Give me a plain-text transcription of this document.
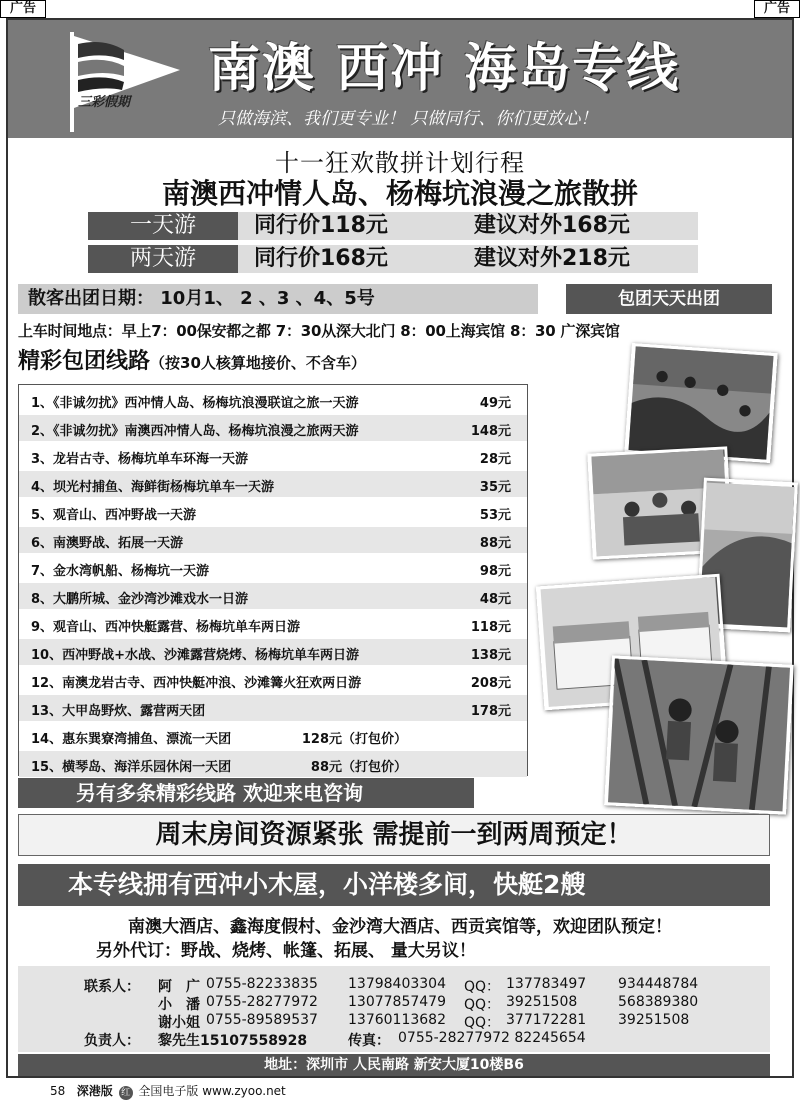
广告	广告
三彩假期
南澳 西冲 海岛专线
只做海滨、我们更专业！ 只做同行、你们更放心！
十一狂欢散拼计划行程
南澳西冲情人岛、杨梅坑浪漫之旅散拼
一天游	同行价118元	建议对外168元
两天游	同行价168元	建议对外218元
散客出团日期： 10月1、 2 、3 、4、5号	包团天天出团
上车时间地点：早上7：00保安都之都 7：30从深大北门 8：00上海宾馆 8：30 广深宾馆
精彩包团线路（按30人核算地接价、不含车）
1、《非诚勿扰》西冲情人岛、杨梅坑浪漫联谊之旅一天游	49元
2、《非诚勿扰》南澳西冲情人岛、杨梅坑浪漫之旅两天游	148元
3、龙岩古寺、杨梅坑单车环海一天游	28元
4、坝光村捕鱼、海鲜街杨梅坑单车一天游	35元
5、观音山、西冲野战一天游	53元
6、南澳野战、拓展一天游	88元
7、金水湾帆船、杨梅坑一天游	98元
8、大鹏所城、金沙湾沙滩戏水一日游	48元
9、观音山、西冲快艇露营、杨梅坑单车两日游	118元
10、西冲野战+水战、沙滩露营烧烤、杨梅坑单车两日游	138元
12、南澳龙岩古寺、西冲快艇冲浪、沙滩篝火狂欢两日游	208元
13、大甲岛野炊、露营两天团	178元
14、惠东巽寮湾捕鱼、漂流一天团	128元（打包价）
15、横琴岛、海洋乐园休闲一天团	88元（打包价）
另有多条精彩线路 欢迎来电咨询
周末房间资源紧张 需提前一到两周预定！
本专线拥有西冲小木屋，小洋楼多间，快艇2艘
南澳大酒店、鑫海度假村、金沙湾大酒店、西贡宾馆等，欢迎团队预定！
另外代订：野战、烧烤、帐篷、拓展、 量大另议！
联系人： 阿　广 0755-82233835 13798403304 QQ： 137783497 934448784
小　潘 0755-28277972 13077857479 QQ： 39251508	568389380
谢小姐 0755-89589537 13760113682 QQ： 377172281 39251508
负责人： 黎先生15107558928	传真： 0755-28277972 82245654
地址：深圳市 人民南路 新安大厦10楼B6
58 深港版 红 全国电子版 www.zyoo.net
